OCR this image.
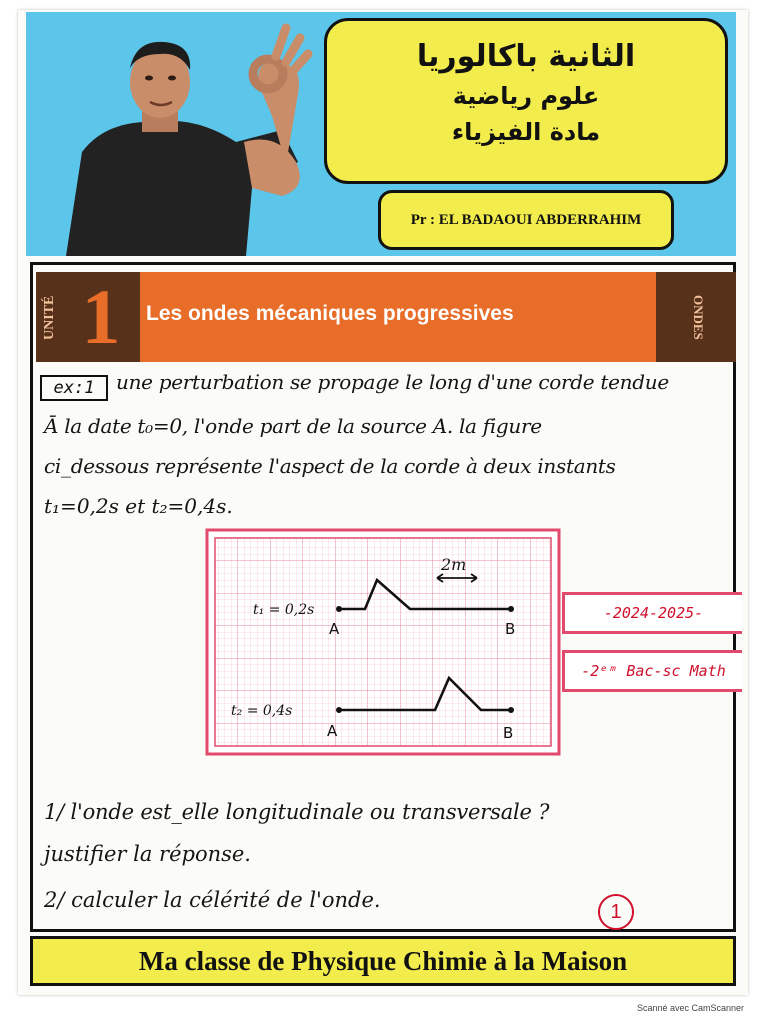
الثانية باكالوريا
علوم رياضية
مادة الفيزياء
Pr : EL BADAOUI ABDERRAHIM
UNITÉ 1	Les ondes mécaniques progressives	ONDES
ex:1	une perturbation se propage le long d'une corde tendue
Ā la date t₀=0, l'onde part de la source A. la figure
ci_dessous représente l'aspect de la corde à deux instants
t₁=0,2s et t₂=0,4s.
2m
t₁ = 0,2s
A	B
t₂ = 0,4s
A	B
-2024-2025-
-2ᵉᵐ Bac-sc Math
1/ l'onde est_elle longitudinale ou transversale ?
justifier la réponse.
2/ calculer la célérité de l'onde.	1
Ma classe de Physique Chimie à la Maison
Scanné avec CamScanner
